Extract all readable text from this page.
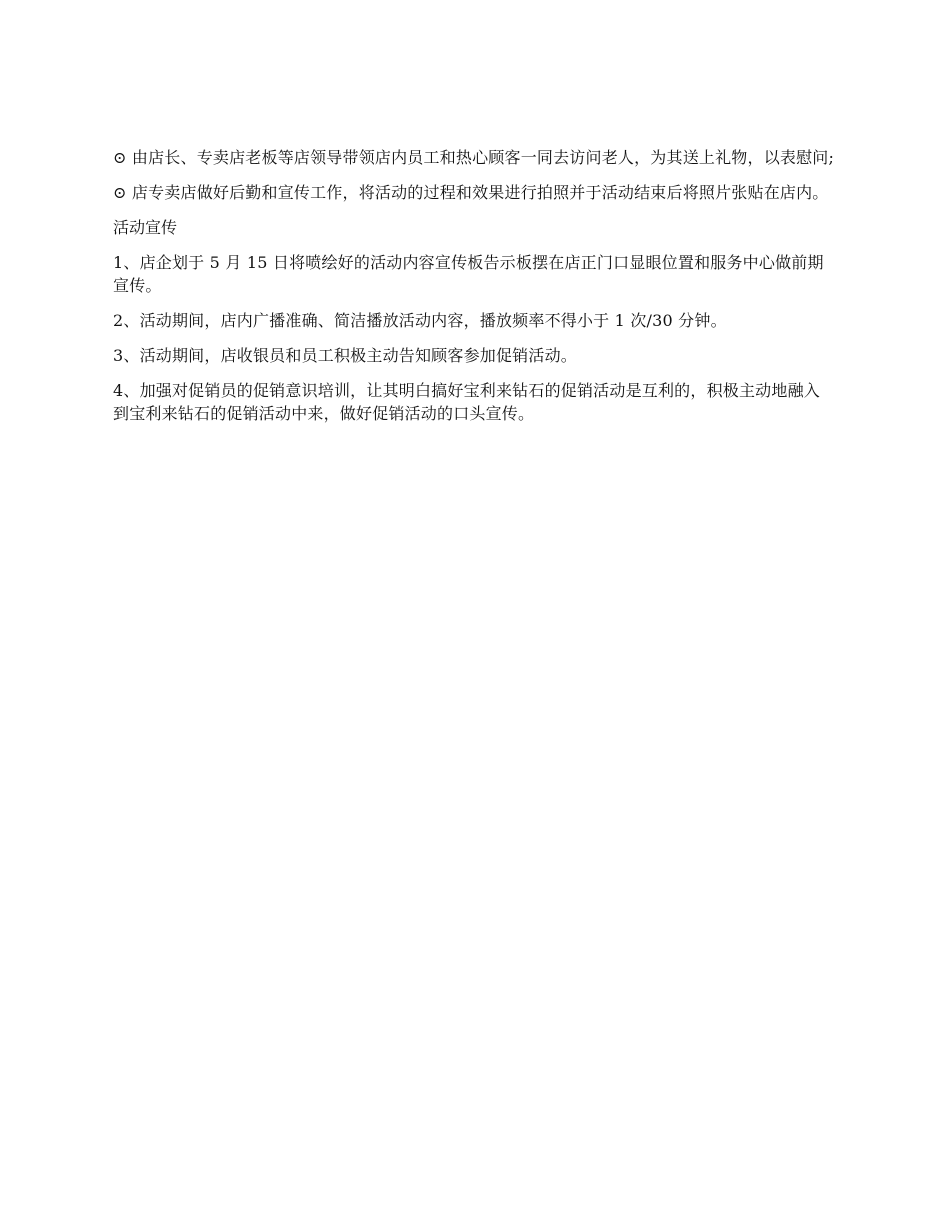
⊙ 由店长、专卖店老板等店领导带领店内员工和热心顾客一同去访问老人，为其送上礼物，以表慰问;

⊙ 店专卖店做好后勤和宣传工作，将活动的过程和效果进行拍照并于活动结束后将照片张贴在店内。

活动宣传

1、店企划于 5 月 15 日将喷绘好的活动内容宣传板告示板摆在店正门口显眼位置和服务中心做前期宣传。

2、活动期间，店内广播准确、简洁播放活动内容，播放频率不得小于 1 次/30 分钟。

3、活动期间，店收银员和员工积极主动告知顾客参加促销活动。

4、加强对促销员的促销意识培训，让其明白搞好宝利来钻石的促销活动是互利的，积极主动地融入到宝利来钻石的促销活动中来，做好促销活动的口头宣传。
